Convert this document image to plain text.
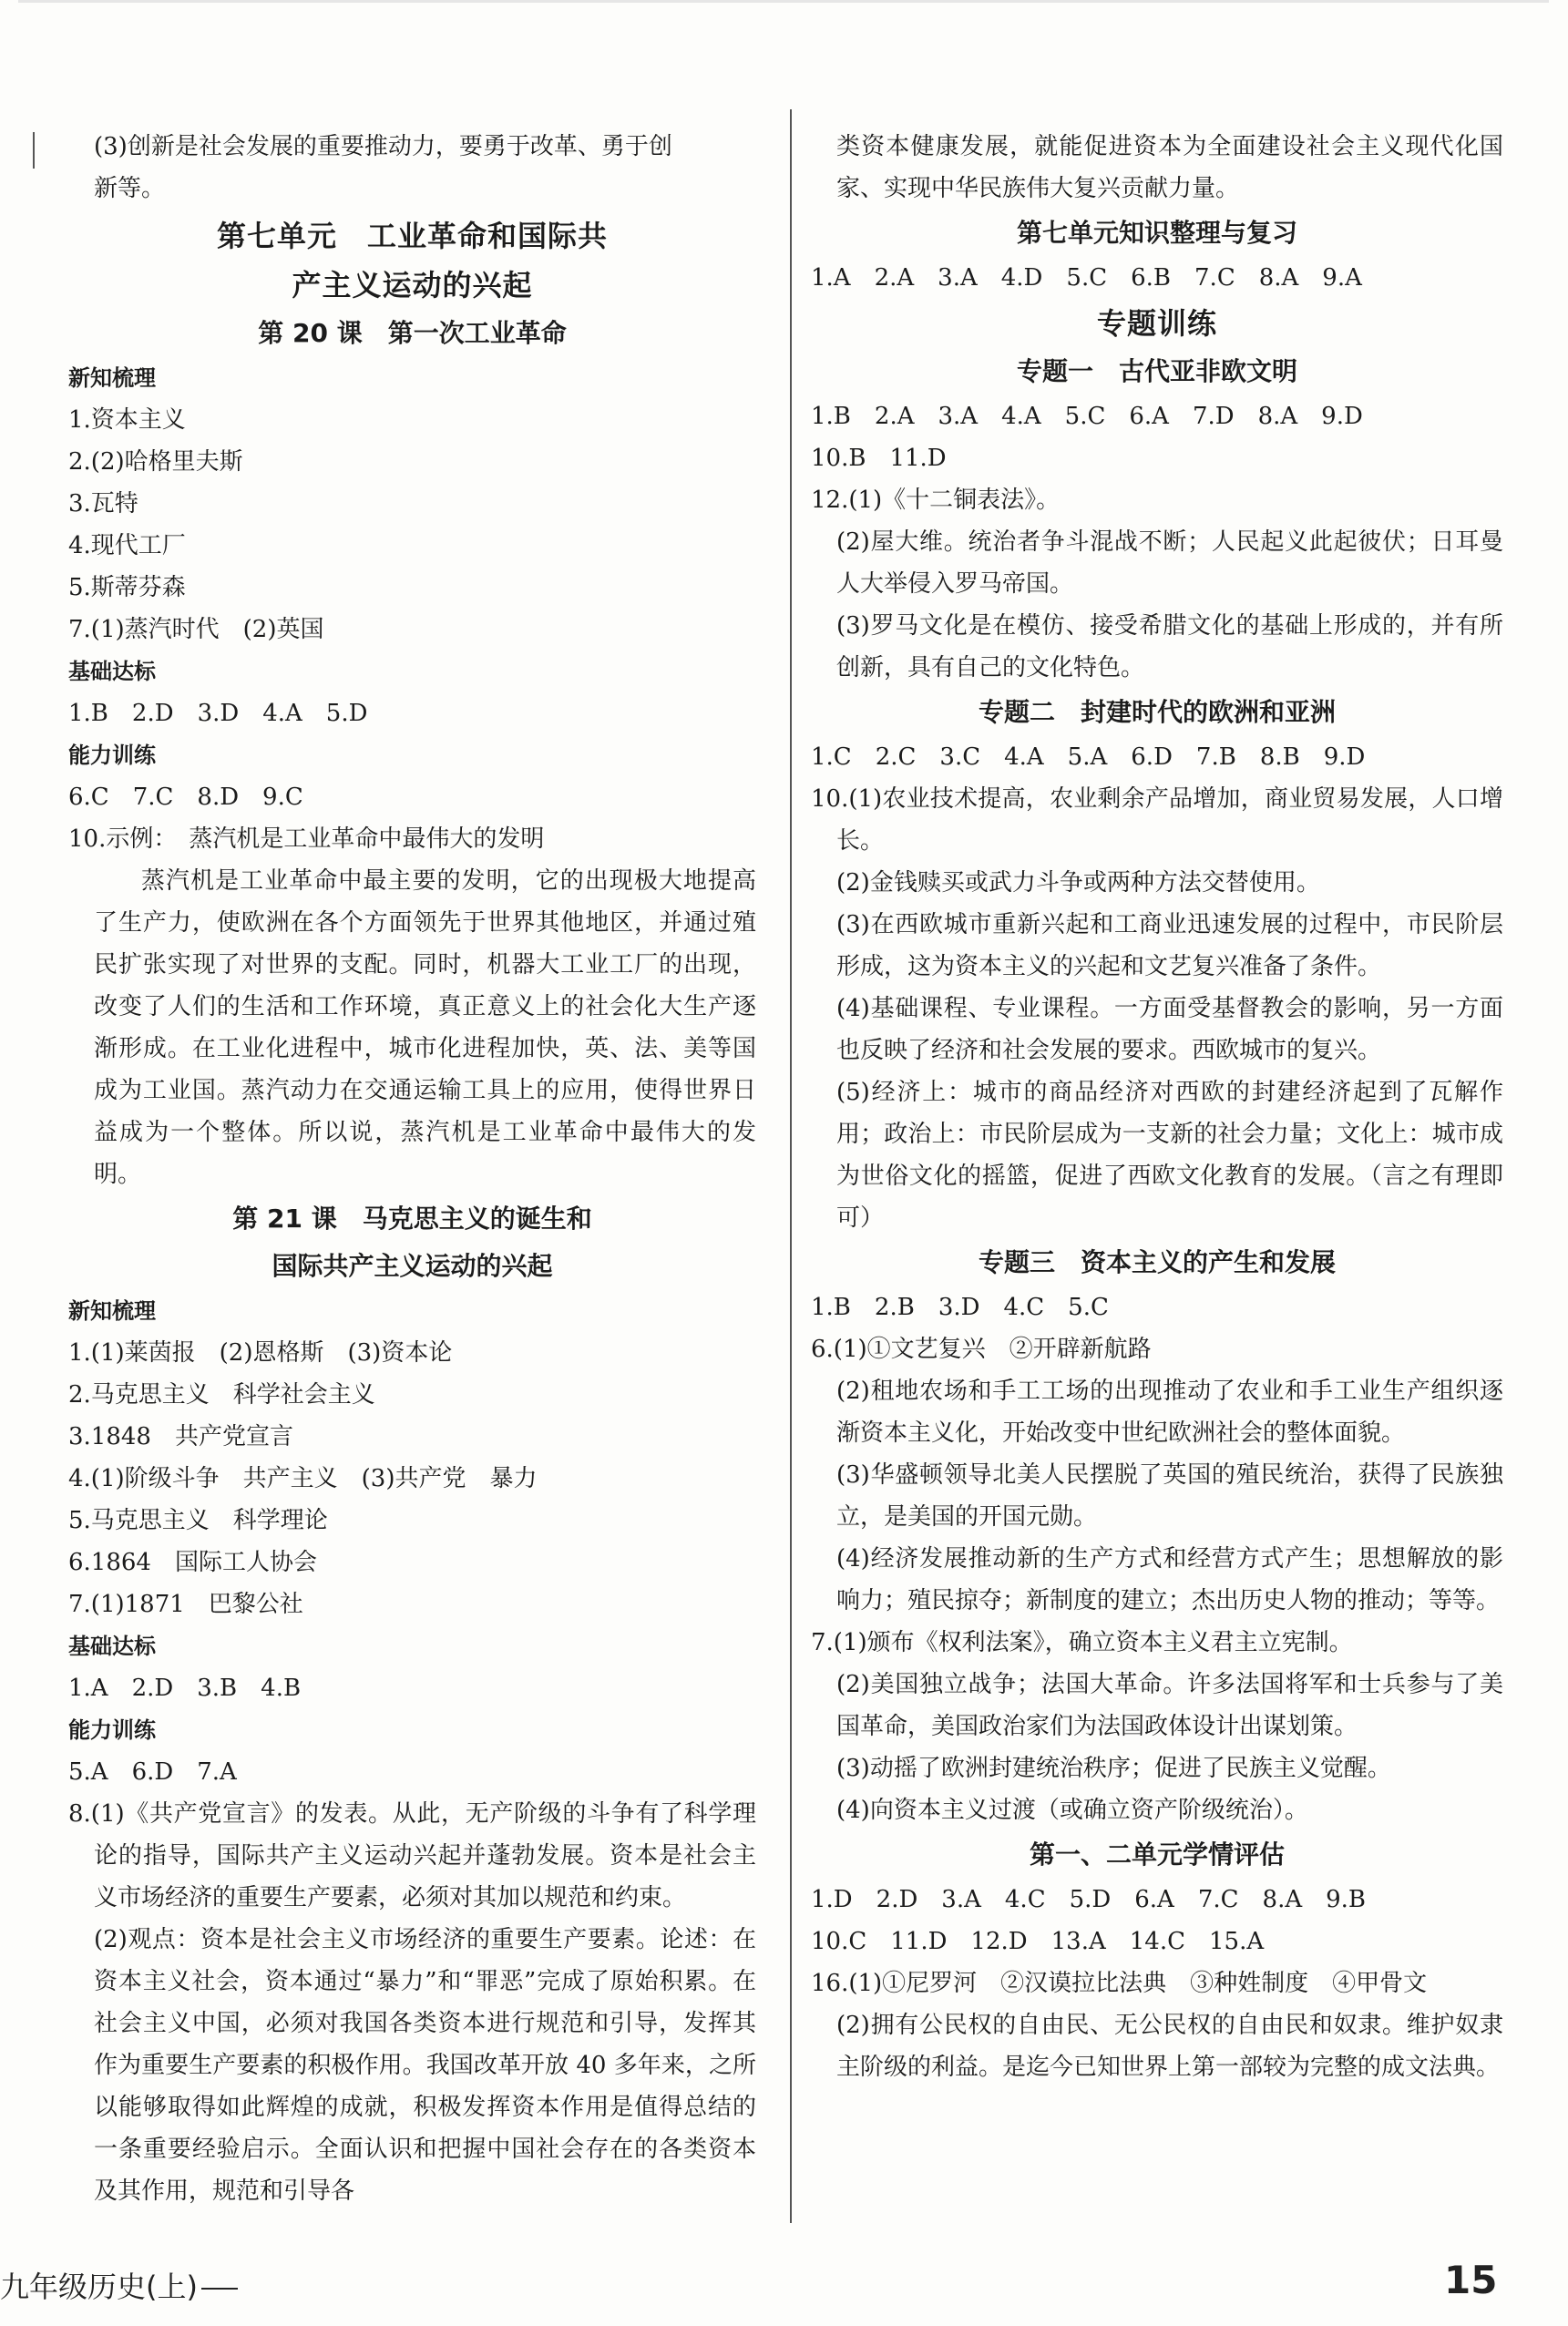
(3)创新是社会发展的重要推动力，要勇于改革、勇于创

新等。

第七单元　工业革命和国际共

产主义运动的兴起

第 20 课　第一次工业革命

新知梳理

1.资本主义

2.(2)哈格里夫斯

3.瓦特

4.现代工厂

5.斯蒂芬森

7.(1)蒸汽时代　(2)英国

基础达标

1.B　2.D　3.D　4.A　5.D

能力训练

6.C　7.C　8.D　9.C

10.示例：　蒸汽机是工业革命中最伟大的发明

蒸汽机是工业革命中最主要的发明，它的出现极大地提高了生产力，使欧洲在各个方面领先于世界其他地区，并通过殖民扩张实现了对世界的支配。同时，机器大工业工厂的出现，改变了人们的生活和工作环境，真正意义上的社会化大生产逐渐形成。在工业化进程中，城市化进程加快，英、法、美等国成为工业国。蒸汽动力在交通运输工具上的应用，使得世界日益成为一个整体。所以说，蒸汽机是工业革命中最伟大的发明。

第 21 课　马克思主义的诞生和

国际共产主义运动的兴起

新知梳理

1.(1)莱茵报　(2)恩格斯　(3)资本论

2.马克思主义　科学社会主义

3.1848　共产党宣言

4.(1)阶级斗争　共产主义　(3)共产党　暴力

5.马克思主义　科学理论

6.1864　国际工人协会

7.(1)1871　巴黎公社

基础达标

1.A　2.D　3.B　4.B

能力训练

5.A　6.D　7.A

8.(1)《共产党宣言》的发表。从此，无产阶级的斗争有了科学理论的指导，国际共产主义运动兴起并蓬勃发展。资本是社会主义市场经济的重要生产要素，必须对其加以规范和约束。

(2)观点：资本是社会主义市场经济的重要生产要素。论述：在资本主义社会，资本通过“暴力”和“罪恶”完成了原始积累。在社会主义中国，必须对我国各类资本进行规范和引导，发挥其作为重要生产要素的积极作用。我国改革开放 40 多年来，之所以能够取得如此辉煌的成就，积极发挥资本作用是值得总结的一条重要经验启示。全面认识和把握中国社会存在的各类资本及其作用，规范和引导各

类资本健康发展，就能促进资本为全面建设社会主义现代化国家、实现中华民族伟大复兴贡献力量。

第七单元知识整理与复习

1.A　2.A　3.A　4.D　5.C　6.B　7.C　8.A　9.A

专题训练

专题一　古代亚非欧文明

1.B　2.A　3.A　4.A　5.C　6.A　7.D　8.A　9.D

10.B　11.D

12.(1)《十二铜表法》。

(2)屋大维。统治者争斗混战不断；人民起义此起彼伏；日耳曼人大举侵入罗马帝国。

(3)罗马文化是在模仿、接受希腊文化的基础上形成的，并有所创新，具有自己的文化特色。

专题二　封建时代的欧洲和亚洲

1.C　2.C　3.C　4.A　5.A　6.D　7.B　8.B　9.D

10.(1)农业技术提高，农业剩余产品增加，商业贸易发展，人口增长。

(2)金钱赎买或武力斗争或两种方法交替使用。

(3)在西欧城市重新兴起和工商业迅速发展的过程中，市民阶层形成，这为资本主义的兴起和文艺复兴准备了条件。

(4)基础课程、专业课程。一方面受基督教会的影响，另一方面也反映了经济和社会发展的要求。西欧城市的复兴。

(5)经济上：城市的商品经济对西欧的封建经济起到了瓦解作用；政治上：市民阶层成为一支新的社会力量；文化上：城市成为世俗文化的摇篮，促进了西欧文化教育的发展。（言之有理即可）

专题三　资本主义的产生和发展

1.B　2.B　3.D　4.C　5.C

6.(1)①文艺复兴　②开辟新航路

(2)租地农场和手工工场的出现推动了农业和手工业生产组织逐渐资本主义化，开始改变中世纪欧洲社会的整体面貌。

(3)华盛顿领导北美人民摆脱了英国的殖民统治，获得了民族独立，是美国的开国元勋。

(4)经济发展推动新的生产方式和经营方式产生；思想解放的影响力；殖民掠夺；新制度的建立；杰出历史人物的推动；等等。

7.(1)颁布《权利法案》，确立资本主义君主立宪制。

(2)美国独立战争；法国大革命。许多法国将军和士兵参与了美国革命，美国政治家们为法国政体设计出谋划策。

(3)动摇了欧洲封建统治秩序；促进了民族主义觉醒。

(4)向资本主义过渡（或确立资产阶级统治）。

第一、二单元学情评估

1.D　2.D　3.A　4.C　5.D　6.A　7.C　8.A　9.B

10.C　11.D　12.D　13.A　14.C　15.A

16.(1)①尼罗河　②汉谟拉比法典　③种姓制度　④甲骨文

(2)拥有公民权的自由民、无公民权的自由民和奴隶。维护奴隶主阶级的利益。是迄今已知世界上第一部较为完整的成文法典。

九年级历史(上)	15
